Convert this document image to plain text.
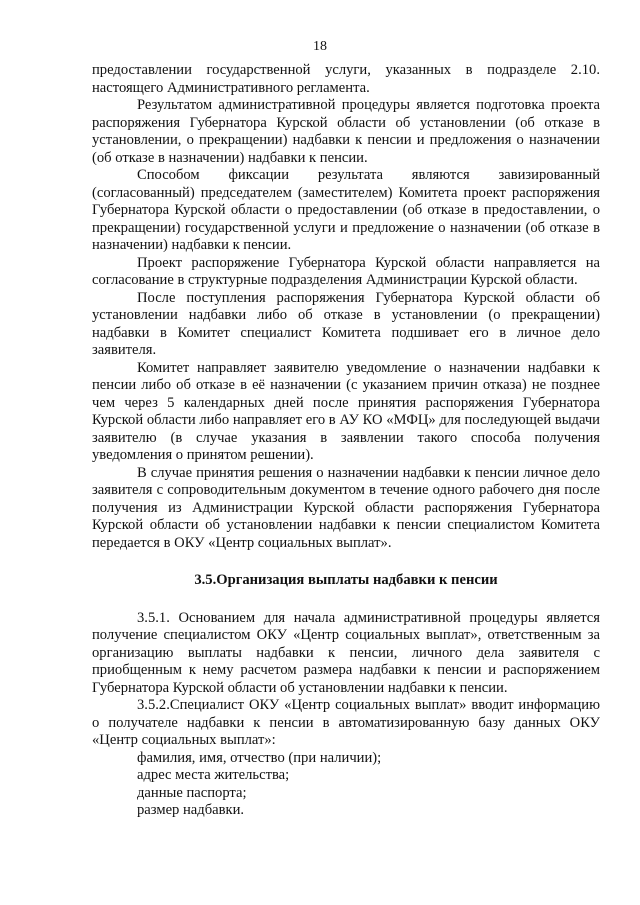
18

предоставлении государственной услуги, указанных в подразделе 2.10. настоящего Административного регламента.

Результатом административной процедуры является подготовка проекта распоряжения Губернатора Курской области об установлении (об отказе в установлении, о прекращении) надбавки к пенсии и предложения о назначении (об отказе в назначении) надбавки к пенсии.

Способом фиксации результата являются завизированный (согласованный) председателем (заместителем) Комитета проект распоряжения Губернатора Курской области о предоставлении (об отказе в предоставлении, о прекращении) государственной услуги и предложение о назначении (об отказе в назначении) надбавки к пенсии.

Проект распоряжение Губернатора Курской области направляется на согласование в структурные подразделения Администрации Курской области.

После поступления распоряжения Губернатора Курской области об установлении надбавки либо об отказе в установлении (о прекращении) надбавки в Комитет специалист Комитета подшивает его в личное дело заявителя.

Комитет направляет заявителю уведомление о назначении надбавки к пенсии либо об отказе в её назначении (с указанием причин отказа) не позднее чем через 5 календарных дней после принятия распоряжения Губернатора Курской области либо направляет его в АУ КО «МФЦ» для последующей выдачи заявителю (в случае указания в заявлении такого способа получения уведомления о принятом решении).

В случае принятия решения о назначении надбавки к пенсии личное дело заявителя с сопроводительным документом в течение одного рабочего дня после получения из Администрации Курской области распоряжения Губернатора Курской области об установлении надбавки к пенсии специалистом Комитета передается в ОКУ «Центр социальных выплат».

3.5.Организация выплаты надбавки к пенсии

3.5.1. Основанием для начала административной процедуры является получение специалистом ОКУ «Центр социальных выплат», ответственным за организацию выплаты надбавки к пенсии, личного дела заявителя с приобщенным к нему расчетом размера надбавки к пенсии и распоряжением Губернатора Курской области об установлении надбавки к пенсии.

3.5.2.Специалист ОКУ «Центр социальных выплат» вводит информацию о получателе надбавки к пенсии в автоматизированную базу данных ОКУ «Центр социальных выплат»:

фамилия, имя, отчество (при наличии);
адрес места жительства;
данные паспорта;
размер надбавки.
